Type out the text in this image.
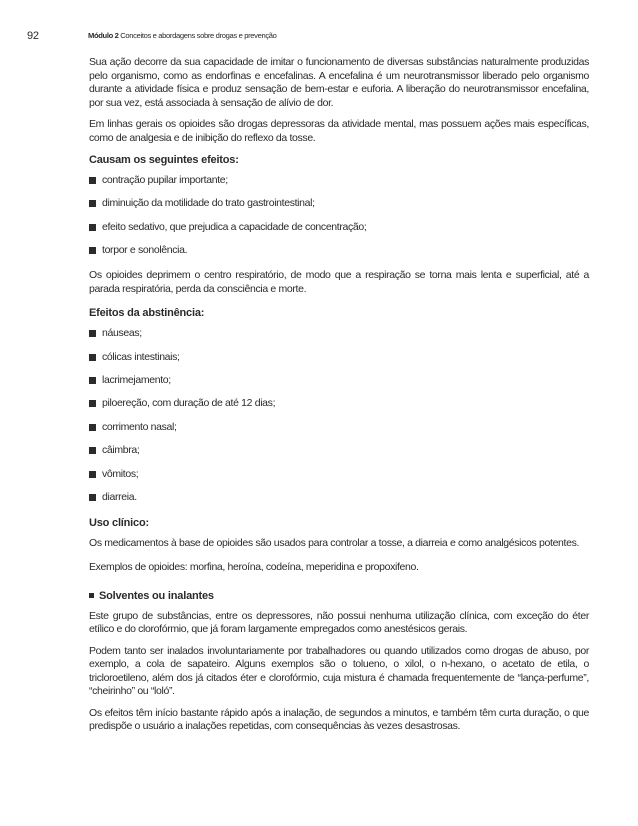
92	Módulo 2 Conceitos e abordagens sobre drogas e prevenção

Sua ação decorre da sua capacidade de imitar o funcionamento de diversas substâncias naturalmente produzidas pelo organismo, como as endorfinas e encefalinas. A encefalina é um neurotransmissor liberado pelo organismo durante a atividade física e produz sensação de bem-estar e euforia. A liberação do neurotransmissor encefalina, por sua vez, está associada à sensação de alívio de dor.

Em linhas gerais os opioides são drogas depressoras da atividade mental, mas possuem ações mais específicas, como de analgesia e de inibição do reflexo da tosse.

Causam os seguintes efeitos:
contração pupilar importante;
diminuição da motilidade do trato gastrointestinal;
efeito sedativo, que prejudica a capacidade de concentração;
torpor e sonolência.

Os opioides deprimem o centro respiratório, de modo que a respiração se torna mais lenta e superficial, até a parada respiratória, perda da consciência e morte.

Efeitos da abstinência:
náuseas;
cólicas intestinais;
lacrimejamento;
piloereção, com duração de até 12 dias;
corrimento nasal;
câimbra;
vômitos;
diarreia.
Uso clínico:

Os medicamentos à base de opioides são usados para controlar a tosse, a diarreia e como analgésicos potentes.

Exemplos de opioides: morfina, heroína, codeína, meperidina e propoxifeno.

Solventes ou inalantes

Este grupo de substâncias, entre os depressores, não possui nenhuma utilização clínica, com exceção do éter etílico e do clorofórmio, que já foram largamente empregados como anestésicos gerais.

Podem tanto ser inalados involuntariamente por trabalhadores ou quando utilizados como drogas de abuso, por exemplo, a cola de sapateiro. Alguns exemplos são o tolueno, o xilol, o n-hexano, o acetato de etila, o tricloroetileno, além dos já citados éter e clorofórmio, cuja mistura é chamada frequentemente de “lança-perfume”, “cheirinho” ou “loló”.

Os efeitos têm início bastante rápido após a inalação, de segundos a minutos, e também têm curta duração, o que predispõe o usuário a inalações repetidas, com consequências às vezes desastrosas.
